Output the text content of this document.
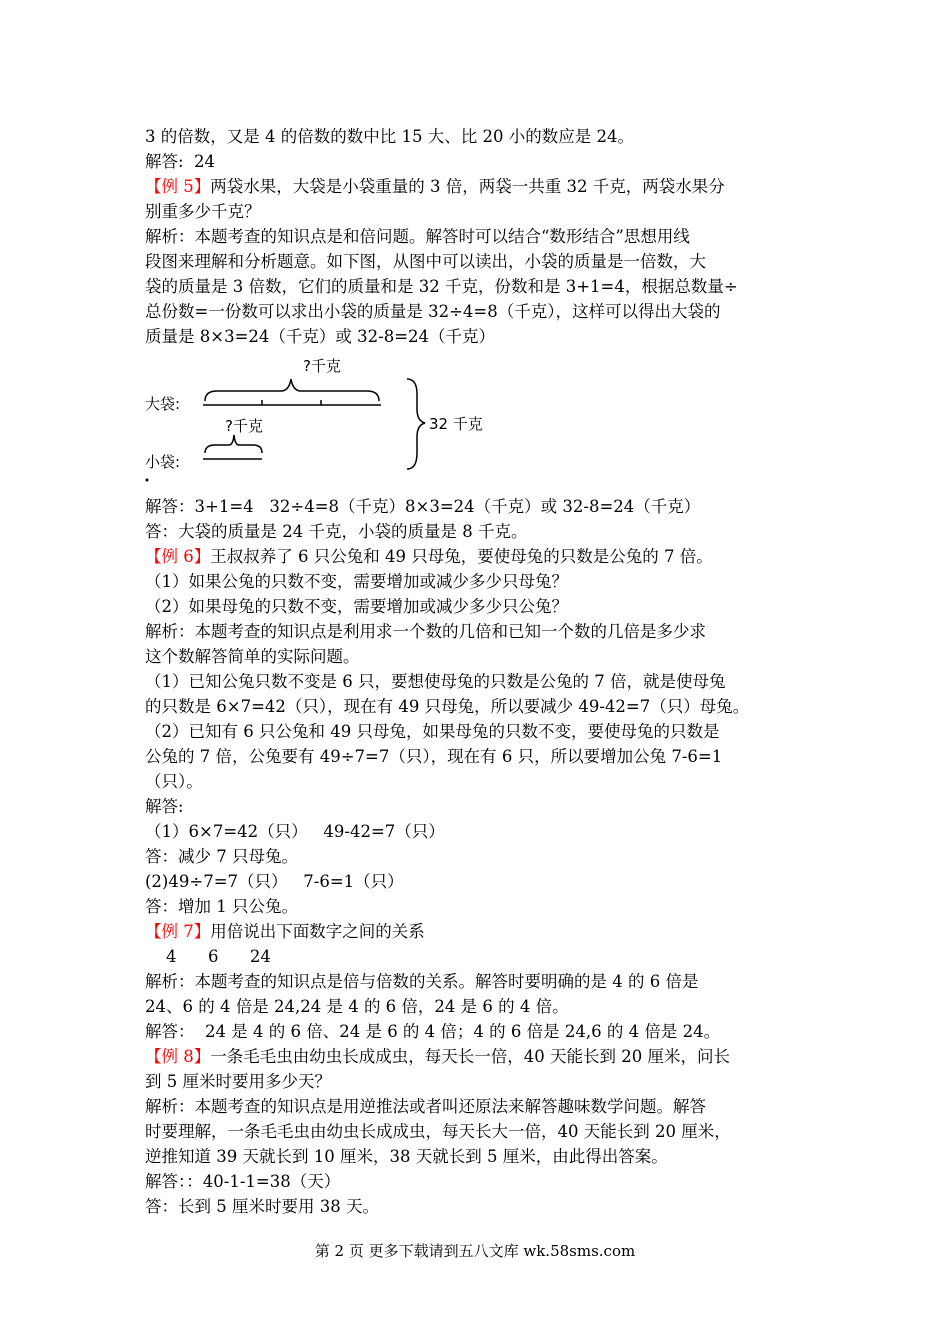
3 的倍数，又是 4 的倍数的数中比 15 大、比 20 小的数应是 24。
解答:  24
【例 5】两袋水果，大袋是小袋重量的 3 倍，两袋一共重 32 千克，两袋水果分
别重多少千克？
解析：本题考查的知识点是和倍问题。解答时可以结合“数形结合”思想用线
段图来理解和分析题意。如下图，从图中可以读出，小袋的质量是一倍数，大
袋的质量是 3 倍数，它们的质量和是 32 千克，份数和是 3+1=4，根据总数量÷
总份数=一份数可以求出小袋的质量是 32÷4=8（千克），这样可以得出大袋的
质量是 8×3=24（千克）或 32-8=24（千克）
?千克
大袋:
?千克
小袋:
32 千克
解答：3+1=4   32÷4=8（千克）8×3=24（千克）或 32-8=24（千克）
答：大袋的质量是 24 千克，小袋的质量是 8 千克。
【例 6】王叔叔养了 6 只公兔和 49 只母兔，要使母兔的只数是公兔的 7 倍。
（1）如果公兔的只数不变，需要增加或减少多少只母兔？
（2）如果母兔的只数不变，需要增加或减少多少只公兔？
解析：本题考查的知识点是利用求一个数的几倍和已知一个数的几倍是多少求
这个数解答简单的实际问题。
（1）已知公兔只数不变是 6 只，要想使母兔的只数是公兔的 7 倍，就是使母兔
的只数是 6×7=42（只），现在有 49 只母兔，所以要减少 49-42=7（只）母兔。
（2）已知有 6 只公兔和 49 只母兔，如果母兔的只数不变，要使母兔的只数是
公兔的 7 倍，公兔要有 49÷7=7（只），现在有 6 只，所以要增加公兔 7-6=1
（只）。
解答:
（1）6×7=42（只）   49-42=7（只）
答：减少 7 只母兔。
(2)49÷7=7（只）   7-6=1（只）
答：增加 1 只公兔。
【例 7】用倍说出下面数字之间的关系
4      6      24
解析：本题考查的知识点是倍与倍数的关系。解答时要明确的是 4 的 6 倍是
24、6 的 4 倍是 24,24 是 4 的 6 倍，24 是 6 的 4 倍。
解答：  24 是 4 的 6 倍、24 是 6 的 4 倍；4 的 6 倍是 24,6 的 4 倍是 24。
【例 8】一条毛毛虫由幼虫长成成虫，每天长一倍，40 天能长到 20 厘米，问长
到 5 厘米时要用多少天？
解析：本题考查的知识点是用逆推法或者叫还原法来解答趣味数学问题。解答
时要理解，一条毛毛虫由幼虫长成成虫，每天长大一倍，40 天能长到 20 厘米，
逆推知道 39 天就长到 10 厘米，38 天就长到 5 厘米，由此得出答案。
解答：：40-1-1=38（天）
答：长到 5 厘米时要用 38 天。
第 2 页 更多下载请到五八文库 wk.58sms.com
